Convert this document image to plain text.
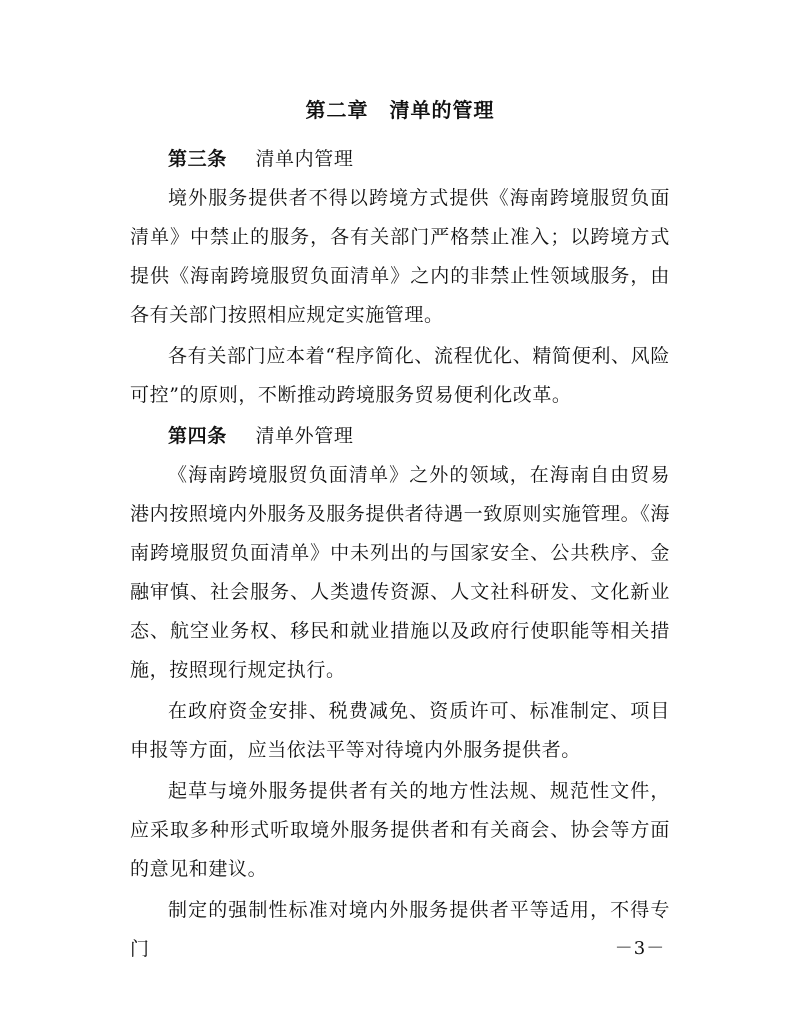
第二章　清单的管理
第三条 清单内管理

境外服务提供者不得以跨境方式提供《海南跨境服贸负面清单》中禁止的服务，各有关部门严格禁止准入；以跨境方式提供《海南跨境服贸负面清单》之内的非禁止性领域服务，由各有关部门按照相应规定实施管理。

各有关部门应本着“程序简化、流程优化、精简便利、风险可控”的原则，不断推动跨境服务贸易便利化改革。

第四条 清单外管理

《海南跨境服贸负面清单》之外的领域，在海南自由贸易港内按照境内外服务及服务提供者待遇一致原则实施管理。《海南跨境服贸负面清单》中未列出的与国家安全、公共秩序、金融审慎、社会服务、人类遗传资源、人文社科研发、文化新业态、航空业务权、移民和就业措施以及政府行使职能等相关措施，按照现行规定执行。

在政府资金安排、税费减免、资质许可、标准制定、项目申报等方面，应当依法平等对待境内外服务提供者。

起草与境外服务提供者有关的地方性法规、规范性文件，应采取多种形式听取境外服务提供者和有关商会、协会等方面的意见和建议。

制定的强制性标准对境内外服务提供者平等适用，不得专门	－3－
